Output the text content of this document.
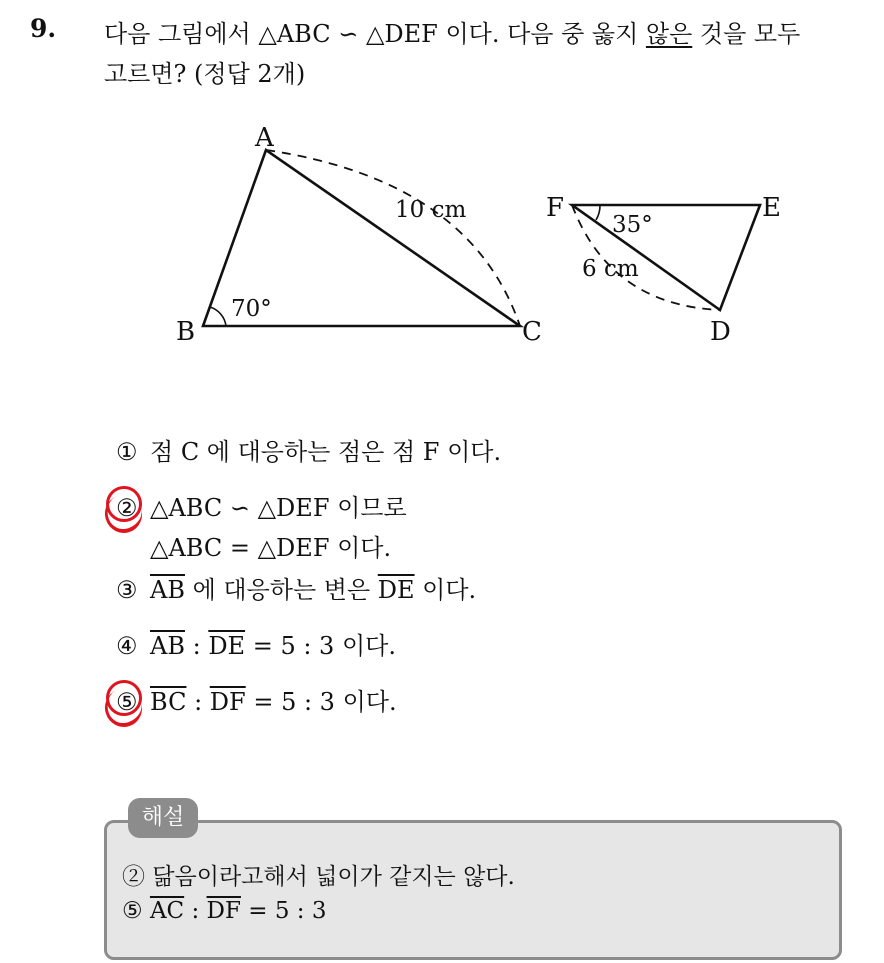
9. 다음 그림에서 △ABC ∽ △DEF 이다. 다음 중 옳지 않은 것을 모두
고르면? (정답 2개)
A
B	C
70°
10 cm	F	E
D
35°
6 cm
① 점 C 에 대응하는 점은 점 F 이다.
② △ABC ∽ △DEF 이므로
△ABC = △DEF 이다.
③ $\overline{AB}$ 에 대응하는 변은 $\overline{DE}$ 이다.
④ $\overline{AB}$ : $\overline{DE} = 5$ : 3 이다.
⑤ $\overline{BC}$ : $\overline{DF} = 5$ : 3 이다.
해설
② 닮음이라고해서 넓이가 같지는 않다.
⑤ $\overline{AC}$ : $\overline{DF} = 5$ : 3
